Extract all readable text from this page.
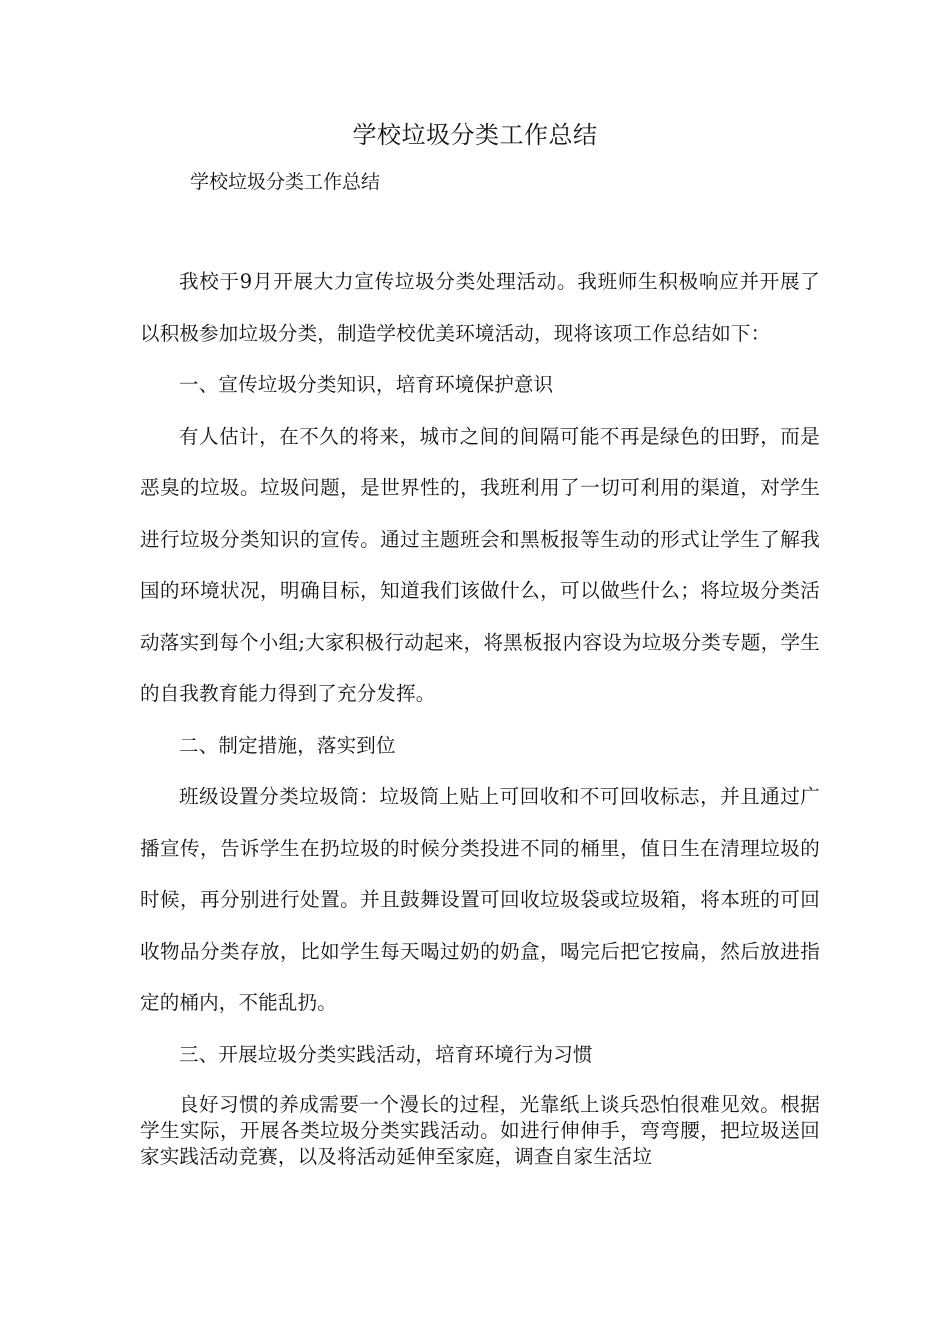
学校垃圾分类工作总结
学校垃圾分类工作总结

我校于9月开展大力宣传垃圾分类处理活动。我班师生积极响应并开展了以积极参加垃圾分类，制造学校优美环境活动，现将该项工作总结如下：

一、宣传垃圾分类知识，培育环境保护意识

有人估计，在不久的将来，城市之间的间隔可能不再是绿色的田野，而是恶臭的垃圾。垃圾问题，是世界性的，我班利用了一切可利用的渠道，对学生进行垃圾分类知识的宣传。通过主题班会和黑板报等生动的形式让学生了解我国的环境状况，明确目标，知道我们该做什么，可以做些什么；将垃圾分类活动落实到每个小组;大家积极行动起来，将黑板报内容设为垃圾分类专题，学生的自我教育能力得到了充分发挥。

二、制定措施，落实到位

班级设置分类垃圾筒：垃圾筒上贴上可回收和不可回收标志，并且通过广播宣传，告诉学生在扔垃圾的时候分类投进不同的桶里，值日生在清理垃圾的时候，再分别进行处置。并且鼓舞设置可回收垃圾袋或垃圾箱，将本班的可回收物品分类存放，比如学生每天喝过奶的奶盒，喝完后把它按扁，然后放进指定的桶内，不能乱扔。

三、开展垃圾分类实践活动，培育环境行为习惯

良好习惯的养成需要一个漫长的过程，光靠纸上谈兵恐怕很难见效。根据学生实际，开展各类垃圾分类实践活动。如进行伸伸手，弯弯腰，把垃圾送回家实践活动竞赛，以及将活动延伸至家庭，调查自家生活垃
